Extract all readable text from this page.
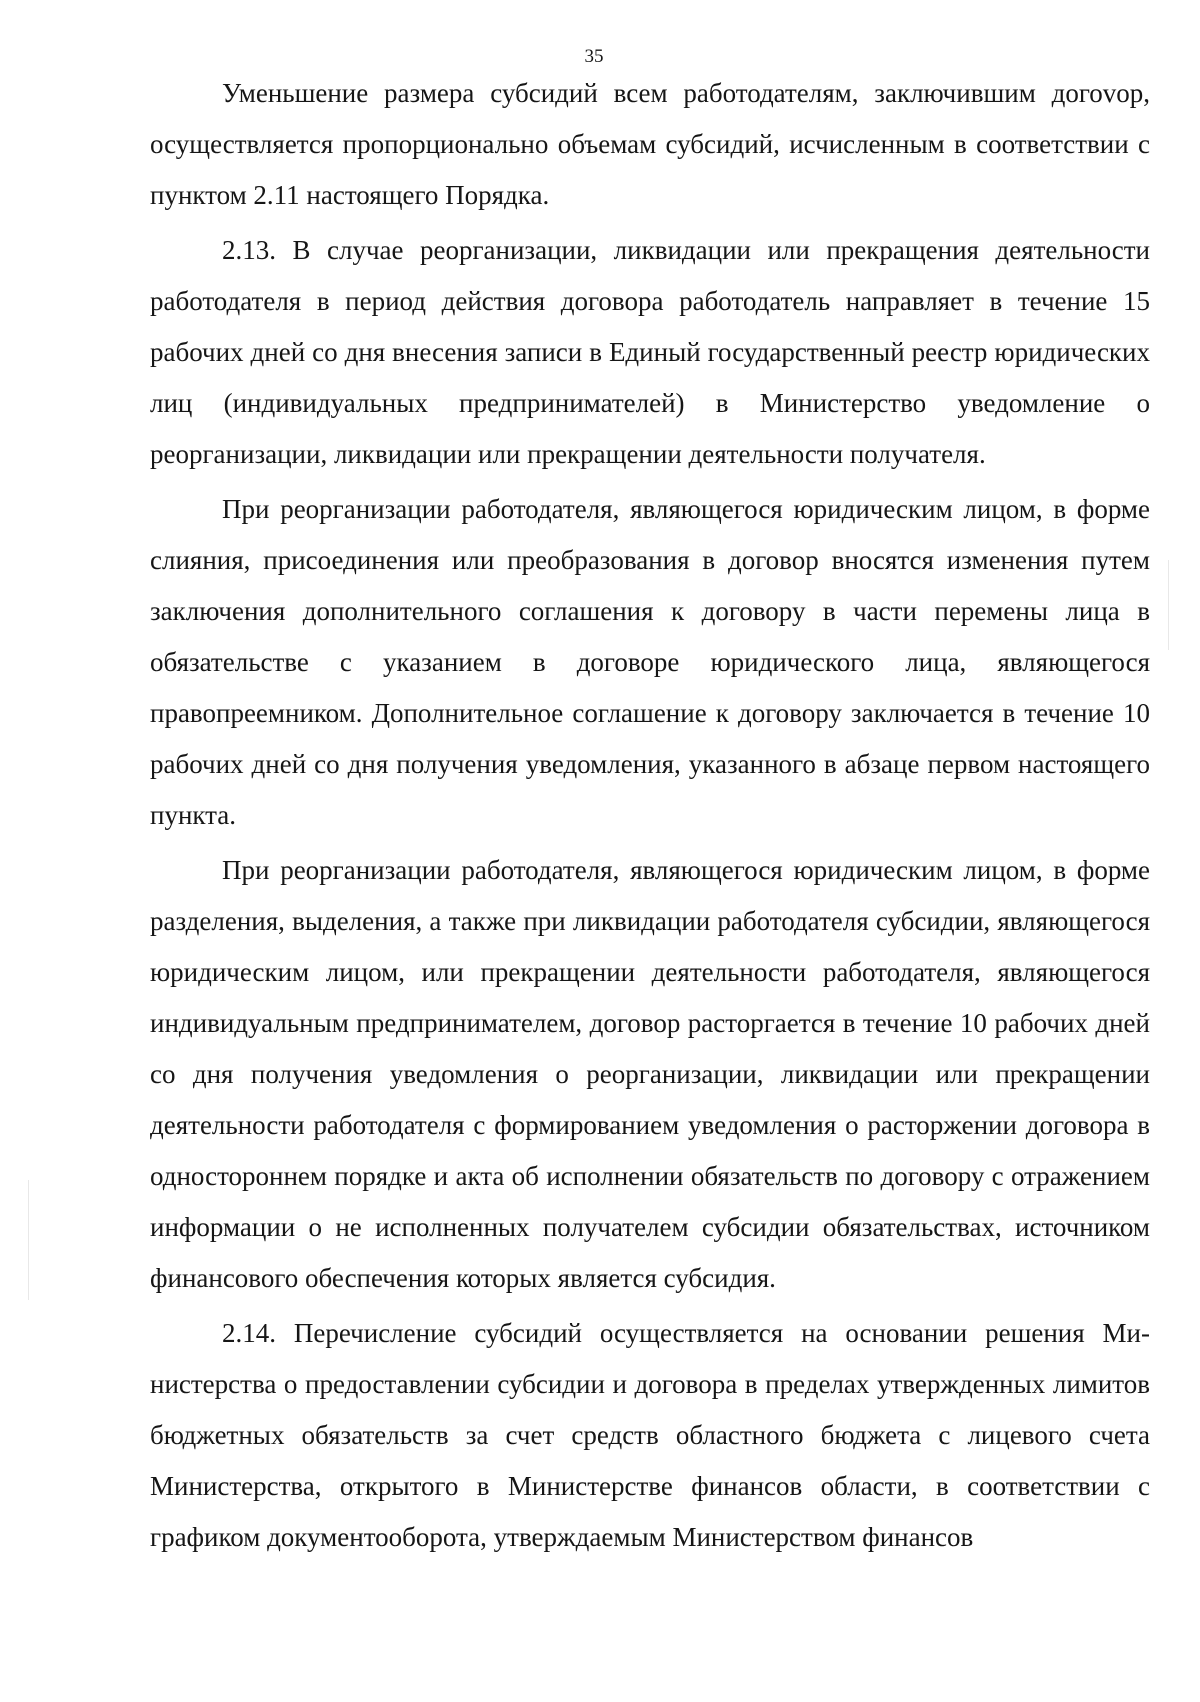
35

Уменьшение размера субсидий всем работодателям, заключившим догоvор, осуществляется пропорционально объемам субсидий, исчисленным в соответствии с пунктом 2.11 настоящего Порядка.

2.13. В случае реорганизации, ликвидации или прекращения деятельности работодателя в период действия договора работодатель направляет в течение 15 рабочих дней со дня внесения записи в Единый государственный реестр юридических лиц (индивидуальных предпринимателей) в Министерство уведомление о реорганизации, ликвидации или прекращении деятельности получателя.

При реорганизации работодателя, являющегося юридическим лицом, в форме слияния, присоединения или преобразования в договор вносятся изменения путем заключения дополнительного соглашения к договору в части перемены лица в обязательстве с указанием в договоре юридического лица, являющегося правопреемником. Дополнительное соглашение к договору заключается в течение 10 рабочих дней со дня получения уведомления, указанного в абзаце первом настоящего пункта.

При реорганизации работодателя, являющегося юридическим лицом, в форме разделения, выделения, а также при ликвидации работодателя субсидии, являющегося юридическим лицом, или прекращении деятельности работодателя, являющегося индивидуальным предпринимателем, договор расторгается в течение 10 рабочих дней со дня получения уведомления о реорганизации, ликвидации или прекращении деятельности работодателя с формированием уведомления о расторжении договора в одностороннем порядке и акта об исполнении обязательств по договору с отражением информации о не исполненных получателем субсидии обязательствах, источником финансового обеспечения которых является субсидия.

2.14. Перечисление субсидий осуществляется на основании решения Министерства о предоставлении субсидии и договора в пределах утвержденных лимитов бюджетных обязательств за счет средств областного бюджета с лицевого счета Министерства, открытого в Министерстве финансов области, в соответствии с графиком документооборота, утверждаемым Министерством финансов
